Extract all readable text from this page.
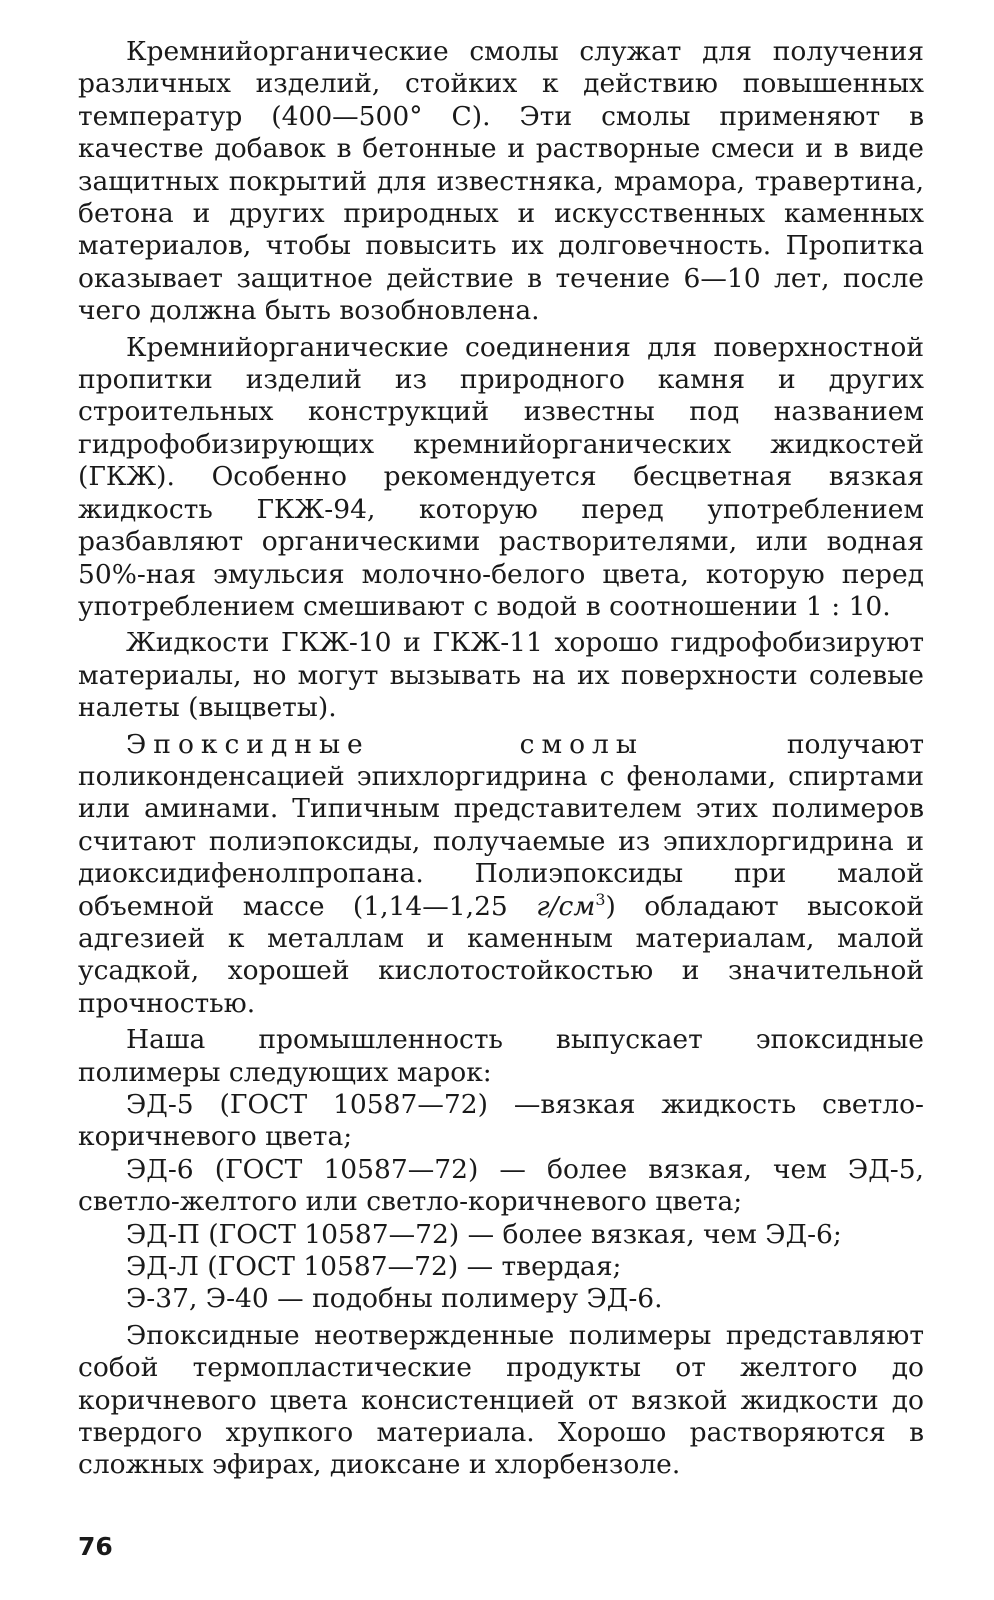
Кремнийорганические смолы служат для получения различных изделий, стойких к действию повышенных температур (400—500° С). Эти смолы применяют в качестве добавок в бетонные и растворные смеси и в виде защитных покрытий для известняка, мрамора, травертина, бетона и других природных и искусственных каменных материалов, чтобы повысить их долговечность. Пропитка оказывает защитное действие в течение 6—10 лет, после чего должна быть возобновлена.

Кремнийорганические соединения для поверхностной пропитки изделий из природного камня и других строительных конструкций известны под названием гидрофобизирующих кремнийорганических жидкостей (ГКЖ). Особенно рекомендуется бесцветная вязкая жидкость ГКЖ-94, которую перед употреблением разбавляют органическими растворителями, или водная 50%-ная эмульсия молочно-белого цвета, которую перед употреблением смешивают с водой в соотношении 1 : 10.

Жидкости ГКЖ-10 и ГКЖ-11 хорошо гидрофобизируют материалы, но могут вызывать на их поверхности солевые налеты (выцветы).

Эпоксидные смолы получают поликонденсацией эпихлоргидрина с фенолами, спиртами или аминами. Типичным представителем этих полимеров считают полиэпоксиды, получаемые из эпихлоргидрина и диоксидифенолпропана. Полиэпоксиды при малой объемной массе (1,14—1,25 $г/см^3$) обладают высокой адгезией к металлам и каменным материалам, малой усадкой, хорошей кислотостойкостью и значительной прочностью.

Наша промышленность выпускает эпоксидные полимеры следующих марок:

ЭД-5 (ГОСТ 10587—72) —вязкая жидкость светло-коричневого цвета;

ЭД-6 (ГОСТ 10587—72) — более вязкая, чем ЭД-5, светло-желтого или светло-коричневого цвета;

ЭД-П (ГОСТ 10587—72) — более вязкая, чем ЭД-6;

ЭД-Л (ГОСТ 10587—72) — твердая;

Э-37, Э-40 — подобны полимеру ЭД-6.

Эпоксидные неотвержденные полимеры представляют собой термопластические продукты от желтого до коричневого цвета консистенцией от вязкой жидкости до твердого хрупкого материала. Хорошо растворяются в сложных эфирах, диоксане и хлорбензоле.

76
